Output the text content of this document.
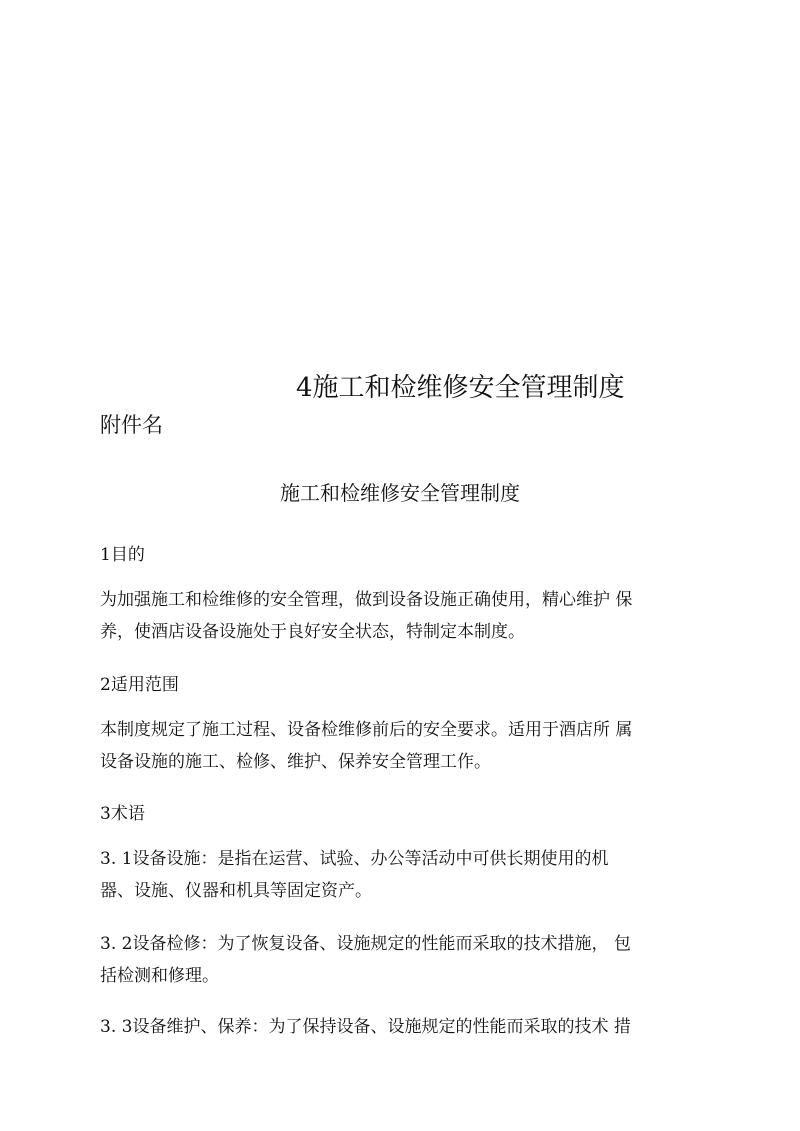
4施工和检维修安全管理制度
附件名
施工和检维修安全管理制度
1目的
为加强施工和检维修的安全管理，做到设备设施正确使用，精心维护 保
养，使酒店设备设施处于良好安全状态，特制定本制度。
2适用范围
本制度规定了施工过程、设备检维修前后的安全要求。适用于酒店所 属
设备设施的施工、检修、维护、保养安全管理工作。
3术语
3. 1设备设施：是指在运营、试验、办公等活动中可供长期使用的机
器、设施、仪器和机具等固定资产。
3. 2设备检修：为了恢复设备、设施规定的性能而采取的技术措施， 包
括检测和修理。
3. 3设备维护、保养：为了保持设备、设施规定的性能而采取的技术 措
